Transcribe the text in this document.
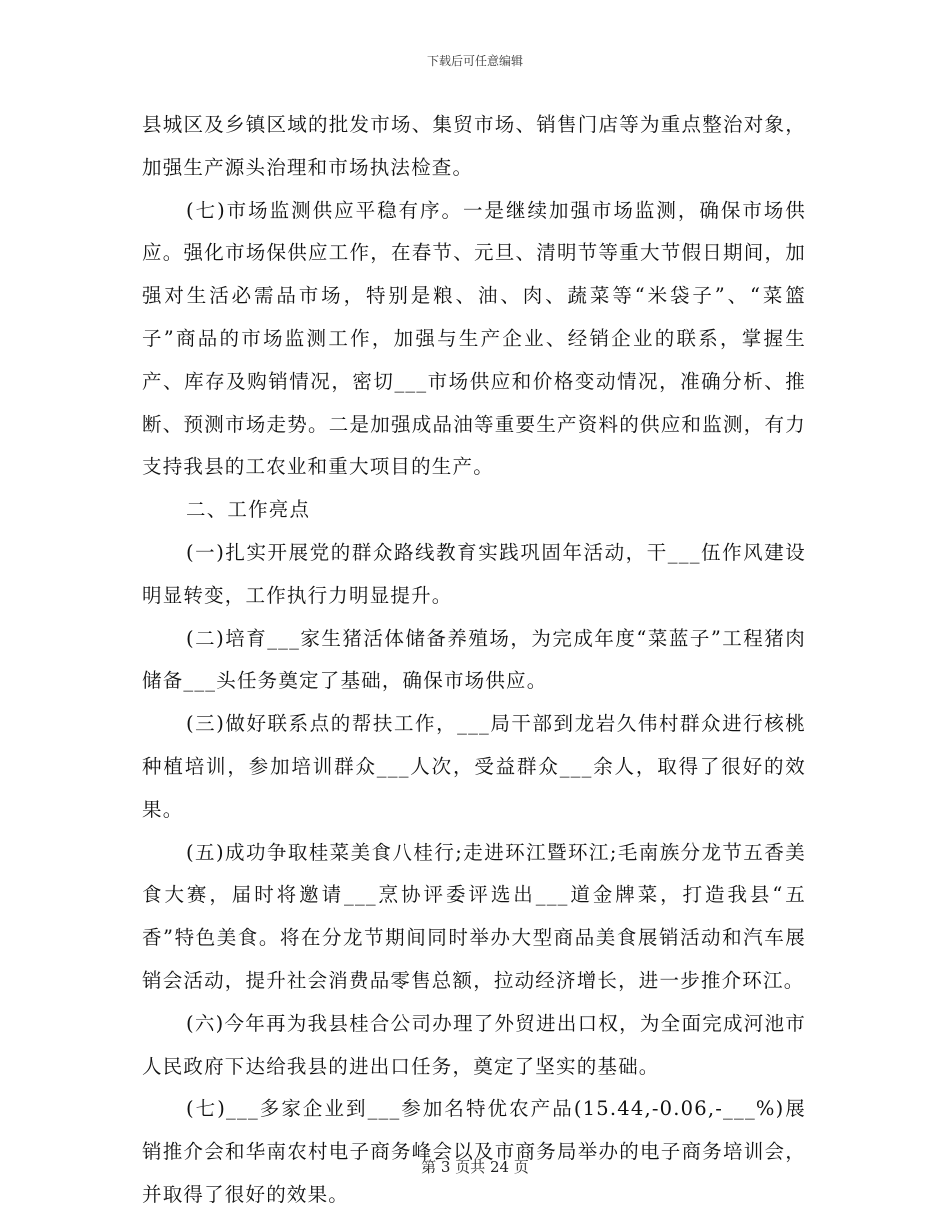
下载后可任意编辑

县城区及乡镇区域的批发市场、集贸市场、销售门店等为重点整治对象，加强生产源头治理和市场执法检查。

(七)市场监测供应平稳有序。一是继续加强市场监测，确保市场供应。强化市场保供应工作，在春节、元旦、清明节等重大节假日期间，加强对生活必需品市场，特别是粮、油、肉、蔬菜等“米袋子”、“菜篮子”商品的市场监测工作，加强与生产企业、经销企业的联系，掌握生产、库存及购销情况，密切___市场供应和价格变动情况，准确分析、推断、预测市场走势。二是加强成品油等重要生产资料的供应和监测，有力支持我县的工农业和重大项目的生产。

二、工作亮点

(一)扎实开展党的群众路线教育实践巩固年活动，干___伍作风建设明显转变，工作执行力明显提升。

(二)培育___家生猪活体储备养殖场，为完成年度“菜蓝子”工程猪肉储备___头任务奠定了基础，确保市场供应。

(三)做好联系点的帮扶工作，___局干部到龙岩久伟村群众进行核桃种植培训，参加培训群众___人次，受益群众___余人，取得了很好的效果。

(五)成功争取桂菜美食八桂行;走进环江暨环江;毛南族分龙节五香美食大赛，届时将邀请___烹协评委评选出___道金牌菜，打造我县“五香”特色美食。将在分龙节期间同时举办大型商品美食展销活动和汽车展销会活动，提升社会消费品零售总额，拉动经济增长，进一步推介环江。

(六)今年再为我县桂合公司办理了外贸进出口权，为全面完成河池市人民政府下达给我县的进出口任务，奠定了坚实的基础。

(七)___多家企业到___参加名特优农产品(15.44,-0.06,-___%)展销推介会和华南农村电子商务峰会以及市商务局举办的电子商务培训会，并取得了很好的效果。

第 3 页共 24 页
